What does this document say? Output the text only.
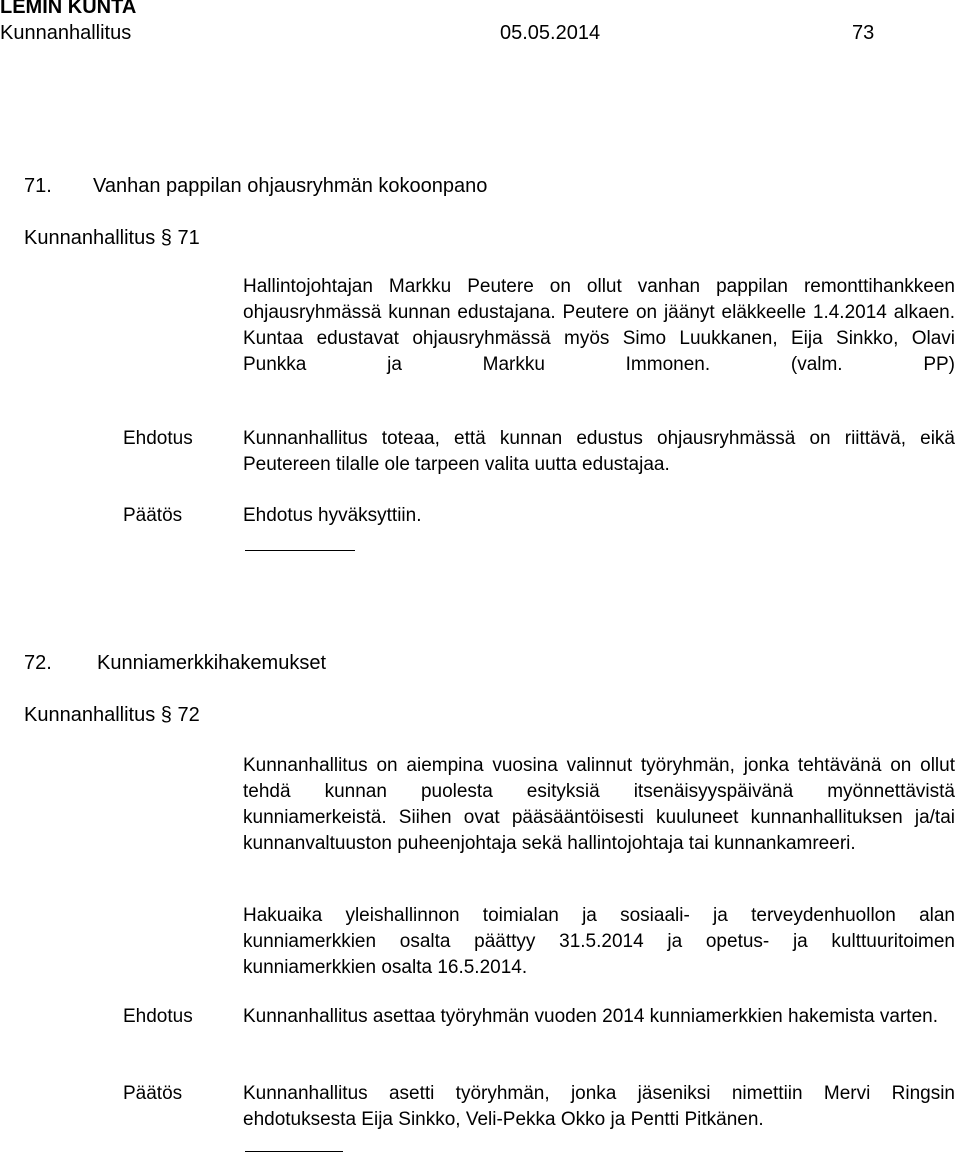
LEMIN KUNTA
Kunnanhallitus	05.05.2014	73
71. Vanhan pappilan ohjausryhmän kokoonpano
Kunnanhallitus § 71
Hallintojohtajan Markku Peutere on ollut vanhan pappilan remonttihankkeen ohjausryhmässä kunnan edustajana. Peutere on jäänyt eläkkeelle 1.4.2014 alkaen. Kuntaa edustavat ohjausryhmässä myös Simo Luukkanen, Eija Sinkko, Olavi Punkka ja Markku Immonen. (valm. PP)
Ehdotus	Kunnanhallitus toteaa, että kunnan edustus ohjausryhmässä on riittävä, eikä Peutereen tilalle ole tarpeen valita uutta edustajaa.
Päätös	Ehdotus hyväksyttiin.
72. Kunniamerkkihakemukset
Kunnanhallitus § 72
Kunnanhallitus on aiempina vuosina valinnut työryhmän, jonka tehtävänä on ollut tehdä kunnan puolesta esityksiä itsenäisyyspäivänä myönnettävistä kunniamerkeistä. Siihen ovat pääsääntöisesti kuuluneet kunnanhallituksen ja/tai kunnanvaltuuston puheenjohtaja sekä hallintojohtaja tai kunnankamreeri.
Hakuaika yleishallinnon toimialan ja sosiaali- ja terveydenhuollon alan kunniamerkkien osalta päättyy 31.5.2014 ja opetus- ja kulttuuritoimen kunniamerkkien osalta 16.5.2014.
Ehdotus	Kunnanhallitus asettaa työryhmän vuoden 2014 kunniamerkkien hakemista varten.
Päätös	Kunnanhallitus asetti työryhmän, jonka jäseniksi nimettiin Mervi Ringsin ehdotuksesta Eija Sinkko, Veli-Pekka Okko ja Pentti Pitkänen.
